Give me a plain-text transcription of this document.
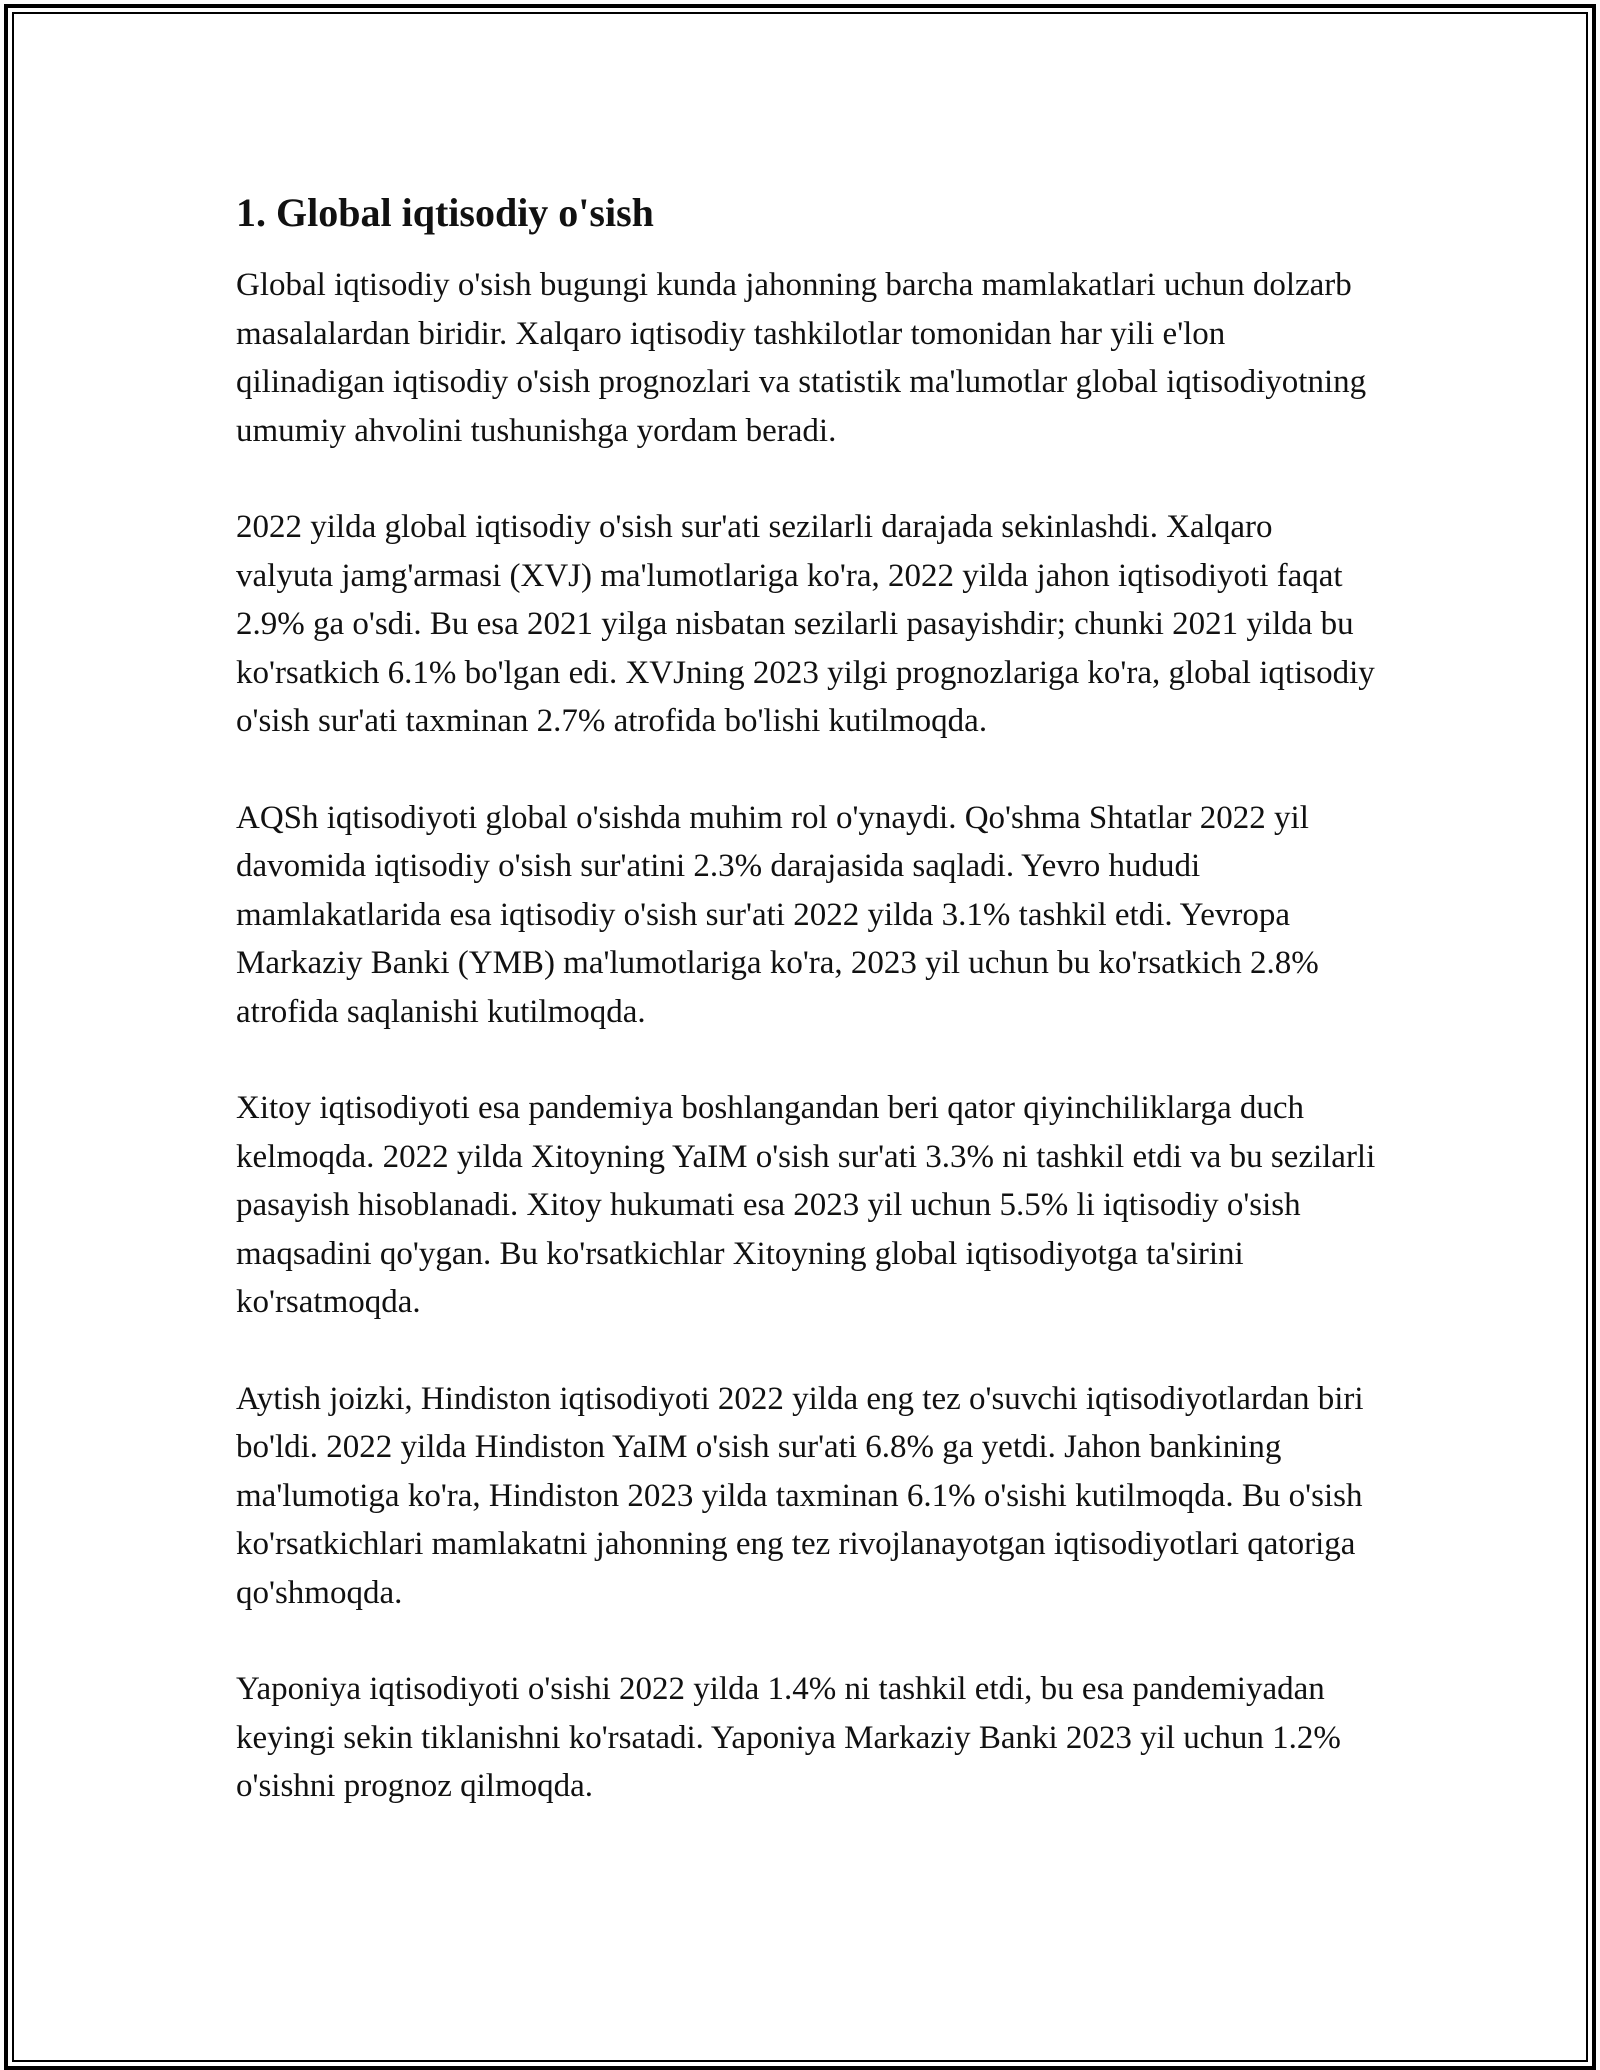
1. Global iqtisodiy o'sish

Global iqtisodiy o'sish bugungi kunda jahonning barcha mamlakatlari uchun dolzarb masalalardan biridir. Xalqaro iqtisodiy tashkilotlar tomonidan har yili e'lon qilinadigan iqtisodiy o'sish prognozlari va statistik ma'lumotlar global iqtisodiyotning umumiy ahvolini tushunishga yordam beradi.

2022 yilda global iqtisodiy o'sish sur'ati sezilarli darajada sekinlashdi. Xalqaro valyuta jamg'armasi (XVJ) ma'lumotlariga ko'ra, 2022 yilda jahon iqtisodiyoti faqat 2.9% ga o'sdi. Bu esa 2021 yilga nisbatan sezilarli pasayishdir; chunki 2021 yilda bu ko'rsatkich 6.1% bo'lgan edi. XVJning 2023 yilgi prognozlariga ko'ra, global iqtisodiy o'sish sur'ati taxminan 2.7% atrofida bo'lishi kutilmoqda.

AQSh iqtisodiyoti global o'sishda muhim rol o'ynaydi. Qo'shma Shtatlar 2022 yil davomida iqtisodiy o'sish sur'atini 2.3% darajasida saqladi. Yevro hududi mamlakatlarida esa iqtisodiy o'sish sur'ati 2022 yilda 3.1% tashkil etdi. Yevropa Markaziy Banki (YMB) ma'lumotlariga ko'ra, 2023 yil uchun bu ko'rsatkich 2.8% atrofida saqlanishi kutilmoqda.

Xitoy iqtisodiyoti esa pandemiya boshlangandan beri qator qiyinchiliklarga duch kelmoqda. 2022 yilda Xitoyning YaIM o'sish sur'ati 3.3% ni tashkil etdi va bu sezilarli pasayish hisoblanadi. Xitoy hukumati esa 2023 yil uchun 5.5% li iqtisodiy o'sish maqsadini qo'ygan. Bu ko'rsatkichlar Xitoyning global iqtisodiyotga ta'sirini ko'rsatmoqda.

Aytish joizki, Hindiston iqtisodiyoti 2022 yilda eng tez o'suvchi iqtisodiyotlardan biri bo'ldi. 2022 yilda Hindiston YaIM o'sish sur'ati 6.8% ga yetdi. Jahon bankining ma'lumotiga ko'ra, Hindiston 2023 yilda taxminan 6.1% o'sishi kutilmoqda. Bu o'sish ko'rsatkichlari mamlakatni jahonning eng tez rivojlanayotgan iqtisodiyotlari qatoriga qo'shmoqda.

Yaponiya iqtisodiyoti o'sishi 2022 yilda 1.4% ni tashkil etdi, bu esa pandemiyadan keyingi sekin tiklanishni ko'rsatadi. Yaponiya Markaziy Banki 2023 yil uchun 1.2% o'sishni prognoz qilmoqda.
